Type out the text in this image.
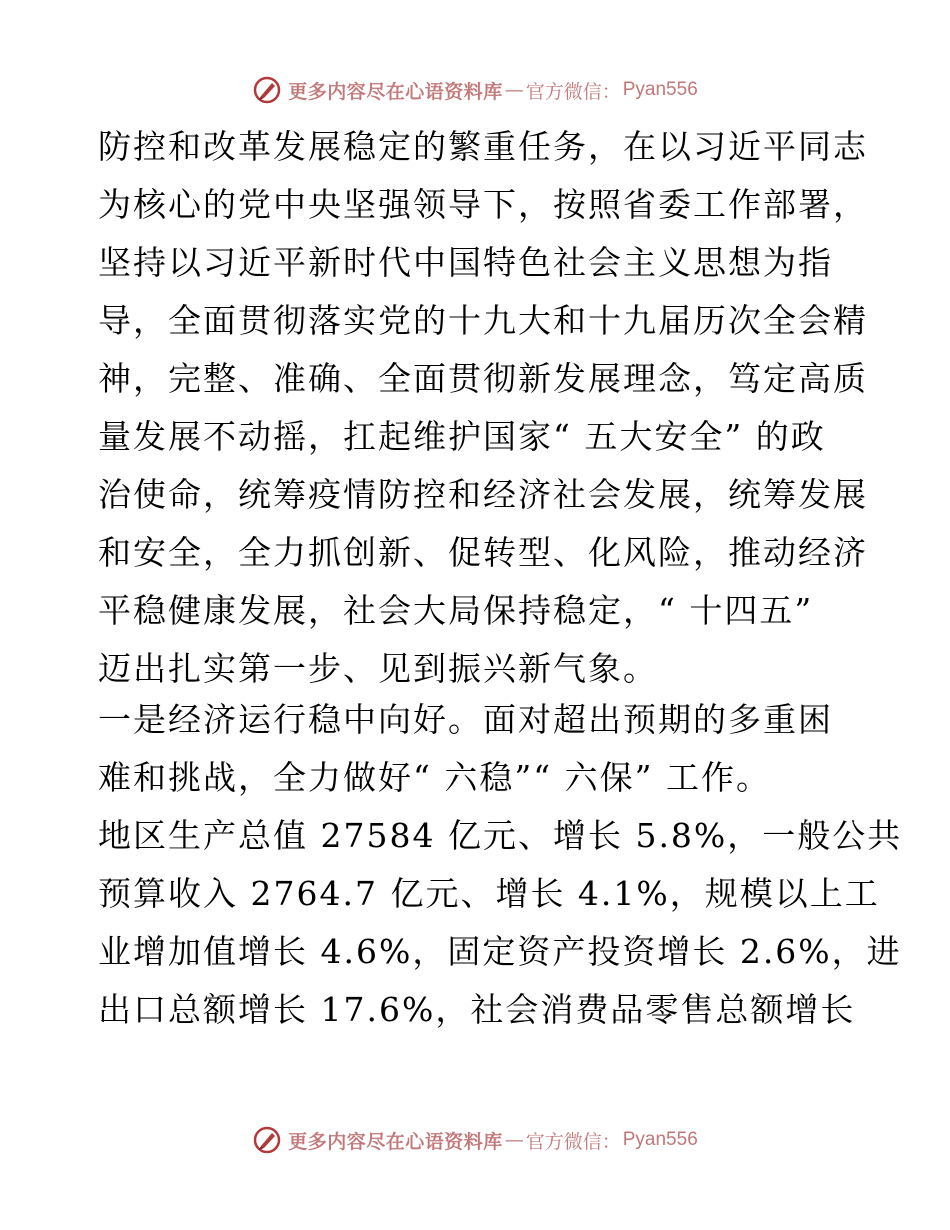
更多内容尽在心语资料库 — 官方微信： Pyan556
防控和改革发展稳定的繁重任务，在以习近平同志
为核心的党中央坚强领导下，按照省委工作部署，
坚持以习近平新时代中国特色社会主义思想为指
导，全面贯彻落实党的十九大和十九届历次全会精
神，完整、准确、全面贯彻新发展理念，笃定高质
量发展不动摇，扛起维护国家“ 五大安全” 的政
治使命，统筹疫情防控和经济社会发展，统筹发展
和安全，全力抓创新、促转型、化风险，推动经济
平稳健康发展，社会大局保持稳定，“ 十四五”
迈出扎实第一步、见到振兴新气象。
一是经济运行稳中向好。面对超出预期的多重困
难和挑战，全力做好“ 六稳”“ 六保” 工作。
地区生产总值 27584 亿元、增长 5.8%，一般公共
预算收入 2764.7 亿元、增长 4.1%，规模以上工
业增加值增长 4.6%，固定资产投资增长 2.6%，进
出口总额增长 17.6%，社会消费品零售总额增长
更多内容尽在心语资料库 — 官方微信： Pyan556
